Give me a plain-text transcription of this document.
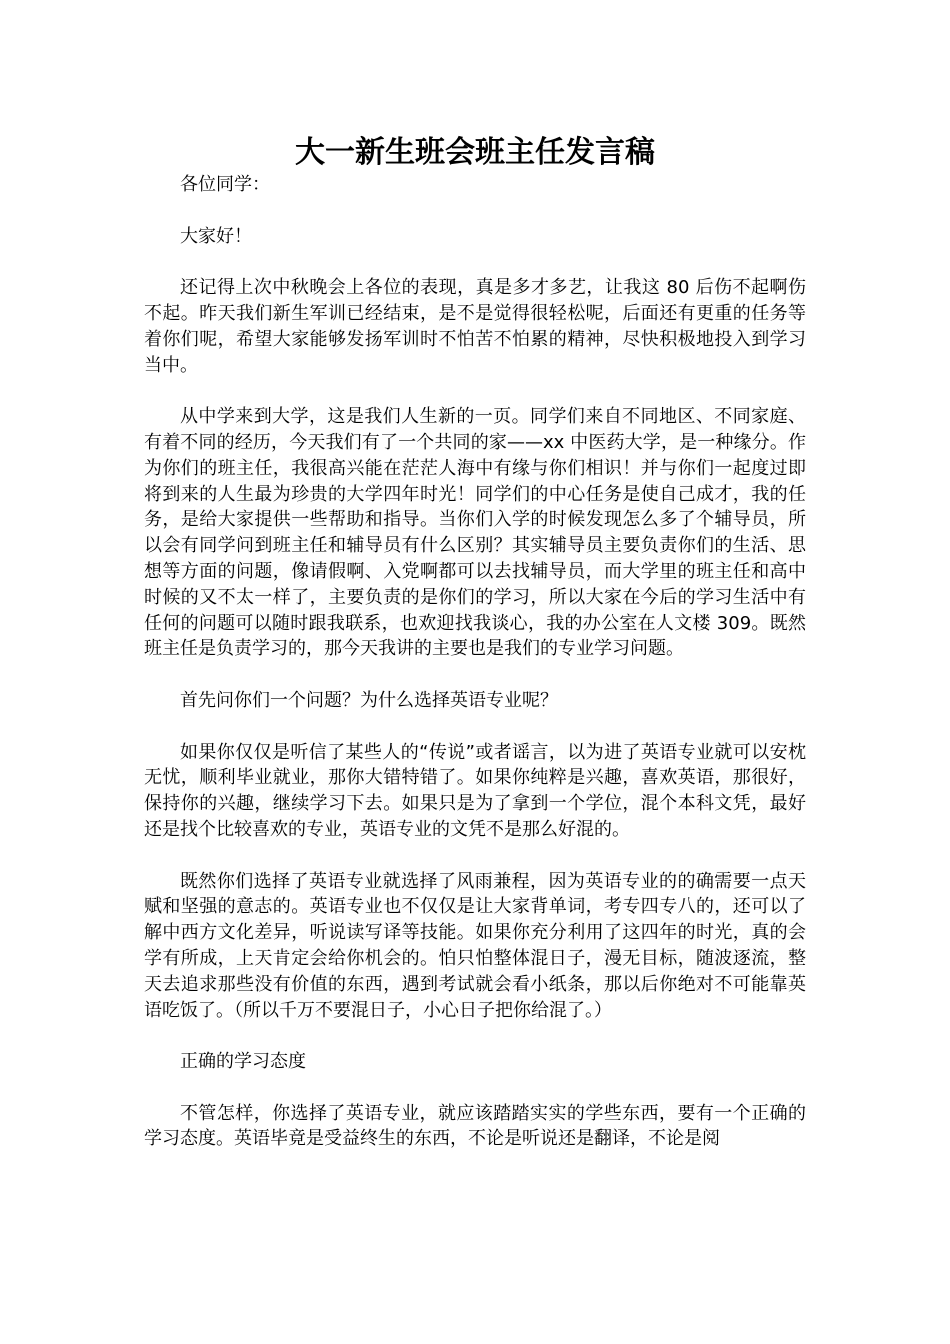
大一新生班会班主任发言稿

各位同学：

大家好！

还记得上次中秋晚会上各位的表现，真是多才多艺，让我这 80 后伤不起啊伤不起。昨天我们新生军训已经结束，是不是觉得很轻松呢，后面还有更重的任务等着你们呢，希望大家能够发扬军训时不怕苦不怕累的精神，尽快积极地投入到学习当中。

从中学来到大学，这是我们人生新的一页。同学们来自不同地区、不同家庭、有着不同的经历，今天我们有了一个共同的家——xx 中医药大学，是一种缘分。作为你们的班主任，我很高兴能在茫茫人海中有缘与你们相识！并与你们一起度过即将到来的人生最为珍贵的大学四年时光！同学们的中心任务是使自己成才，我的任务，是给大家提供一些帮助和指导。当你们入学的时候发现怎么多了个辅导员，所以会有同学问到班主任和辅导员有什么区别？其实辅导员主要负责你们的生活、思想等方面的问题，像请假啊、入党啊都可以去找辅导员，而大学里的班主任和高中时候的又不太一样了，主要负责的是你们的学习，所以大家在今后的学习生活中有任何的问题可以随时跟我联系，也欢迎找我谈心，我的办公室在人文楼 309。既然班主任是负责学习的，那今天我讲的主要也是我们的专业学习问题。

首先问你们一个问题？为什么选择英语专业呢？

如果你仅仅是听信了某些人的“传说”或者谣言，以为进了英语专业就可以安枕无忧，顺利毕业就业，那你大错特错了。如果你纯粹是兴趣，喜欢英语，那很好，保持你的兴趣，继续学习下去。如果只是为了拿到一个学位，混个本科文凭，最好还是找个比较喜欢的专业，英语专业的文凭不是那么好混的。

既然你们选择了英语专业就选择了风雨兼程，因为英语专业的的确需要一点天赋和坚强的意志的。英语专业也不仅仅是让大家背单词，考专四专八的，还可以了解中西方文化差异，听说读写译等技能。如果你充分利用了这四年的时光，真的会学有所成，上天肯定会给你机会的。怕只怕整体混日子，漫无目标，随波逐流，整天去追求那些没有价值的东西，遇到考试就会看小纸条，那以后你绝对不可能靠英语吃饭了。（所以千万不要混日子，小心日子把你给混了。）

正确的学习态度

不管怎样，你选择了英语专业，就应该踏踏实实的学些东西，要有一个正确的学习态度。英语毕竟是受益终生的东西，不论是听说还是翻译，不论是阅
